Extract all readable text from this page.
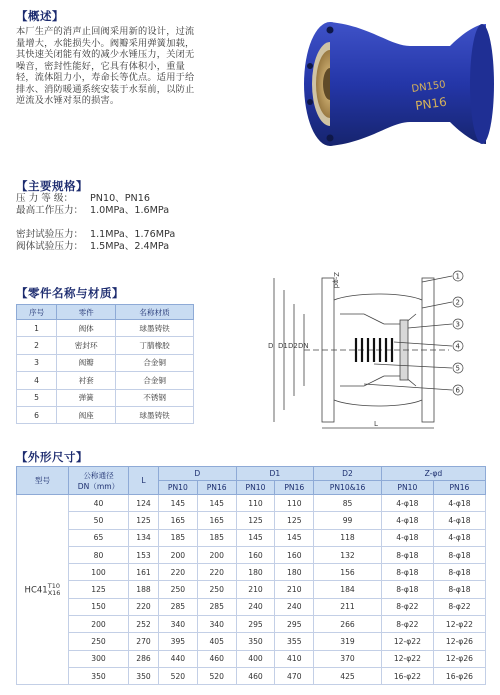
【概述】
本厂生产的消声止回阀采用新的设计，过流量增大，水能损失小。阀瓣采用弹簧加载，其快速关闭能有效的减少水锤压力，关闭无噪音，密封性能好，它具有体积小，重量轻，流体阻力小，寿命长等优点。适用于给排水、消防暖通系统安装于水泵前，以防止逆流及水锤对泵的损害。
DN150
PN16
【主要规格】
压 力 等 级： PN10、PN16
最高工作压力： 1.0MPa、1.6MPa
密封试验压力： 1.1MPa、1.76MPa
阀体试验压力： 1.5MPa、2.4MPa
【零件名称与材质】
序号	零件	名称材质
1	阀体	球墨铸铁
2	密封环	丁腈橡胶
3	阀瓣	合金铜
4	衬套	合金铜
5	弹簧	不锈钢
6	阀座	球墨铸铁
D D1 D2 DN
L
Z-φd	1
2
3
4
5
6
【外形尺寸】
型号	公称通径
DN（mm）	L	D		D1		D2	Z-φd	
			PN10	PN16	PN10	PN16	PN10&16	PN10	PN16
HC41T10
X16	40	124	145	145	110	110	85	4-φ18	4-φ18
	50	125	165	165	125	125	99	4-φ18	4-φ18
	65	134	185	185	145	145	118	4-φ18	4-φ18
	80	153	200	200	160	160	132	8-φ18	8-φ18
	100	161	220	220	180	180	156	8-φ18	8-φ18
	125	188	250	250	210	210	184	8-φ18	8-φ18
	150	220	285	285	240	240	211	8-φ22	8-φ22
	200	252	340	340	295	295	266	8-φ22	12-φ22
	250	270	395	405	350	355	319	12-φ22	12-φ26
	300	286	440	460	400	410	370	12-φ22	12-φ26
	350	350	520	520	460	470	425	16-φ22	16-φ26
